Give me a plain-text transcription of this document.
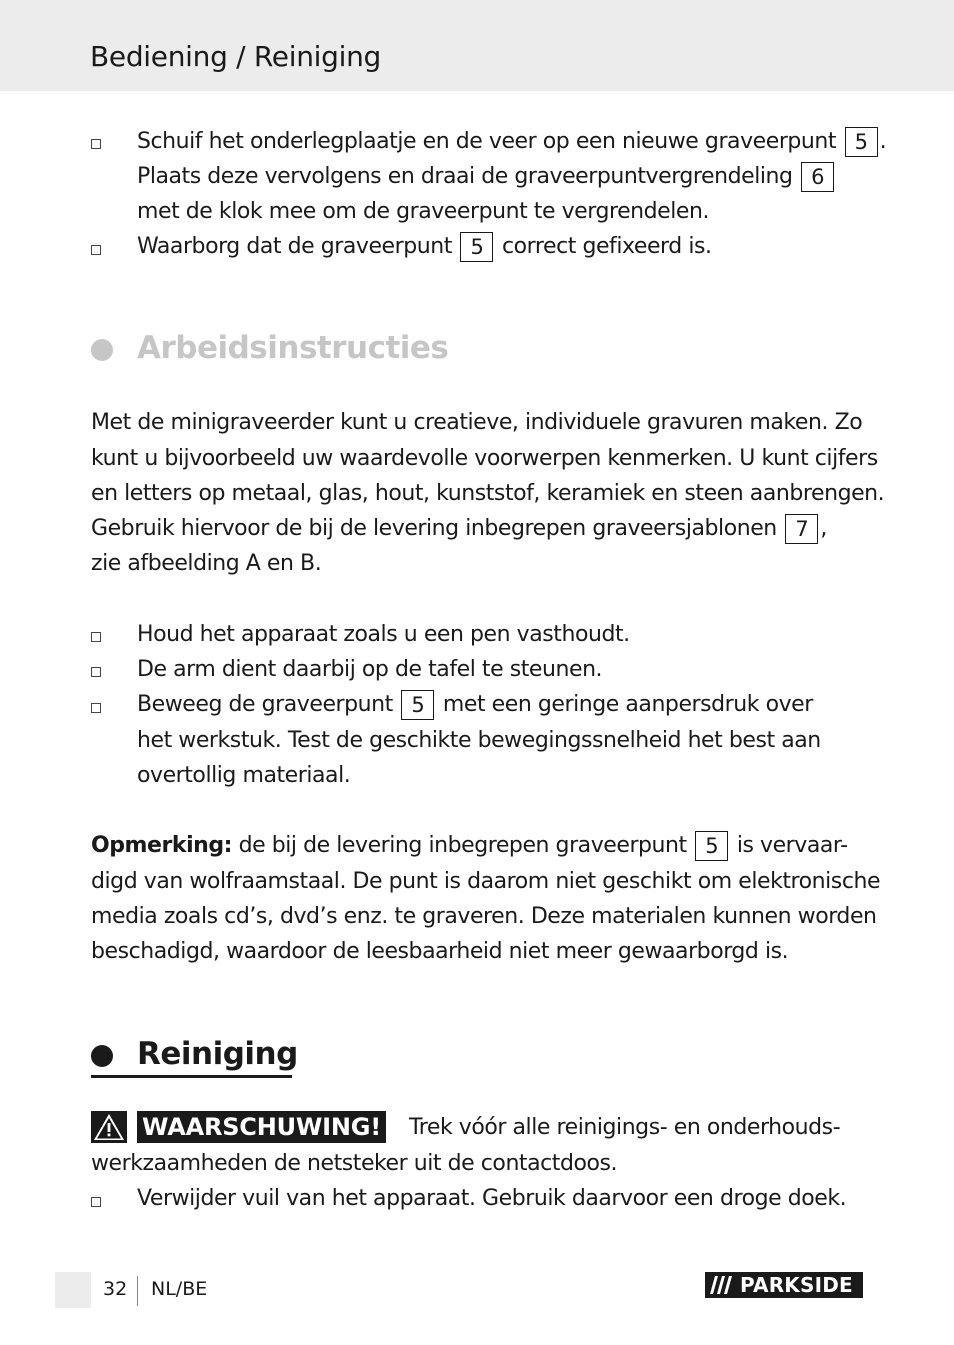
Bediening / Reiniging
Schuif het onderlegplaatje en de veer op een nieuwe graveerpunt 5 .
Plaats deze vervolgens en draai de graveerpuntvergrendeling 6
met de klok mee om de graveerpunt te vergrendelen.
Waarborg dat de graveerpunt 5 correct gefixeerd is.
Arbeidsinstructies
Met de minigraveerder kunt u creatieve, individuele gravuren maken. Zo
kunt u bijvoorbeeld uw waardevolle voorwerpen kenmerken. U kunt cijfers
en letters op metaal, glas, hout, kunststof, keramiek en steen aanbrengen.
Gebruik hiervoor de bij de levering inbegrepen graveersjablonen 7 ,
zie afbeelding A en B.
Houd het apparaat zoals u een pen vasthoudt.
De arm dient daarbij op de tafel te steunen.
Beweeg de graveerpunt 5 met een geringe aanpersdruk over
het werkstuk. Test de geschikte bewegingssnelheid het best aan
overtollig materiaal.
Opmerking: de bij de levering inbegrepen graveerpunt 5 is vervaar-
digd van wolfraamstaal. De punt is daarom niet geschikt om elektronische
media zoals cd’s, dvd’s enz. te graveren. Deze materialen kunnen worden
beschadigd, waardoor de leesbaarheid niet meer gewaarborgd is.
Reiniging
WAARSCHUWING! Trek vóór alle reinigings- en onderhouds-
werkzaamheden de netsteker uit de contactdoos.
Verwijder vuil van het apparaat. Gebruik daarvoor een droge doek.
32 NL/BE	PARKSIDE
